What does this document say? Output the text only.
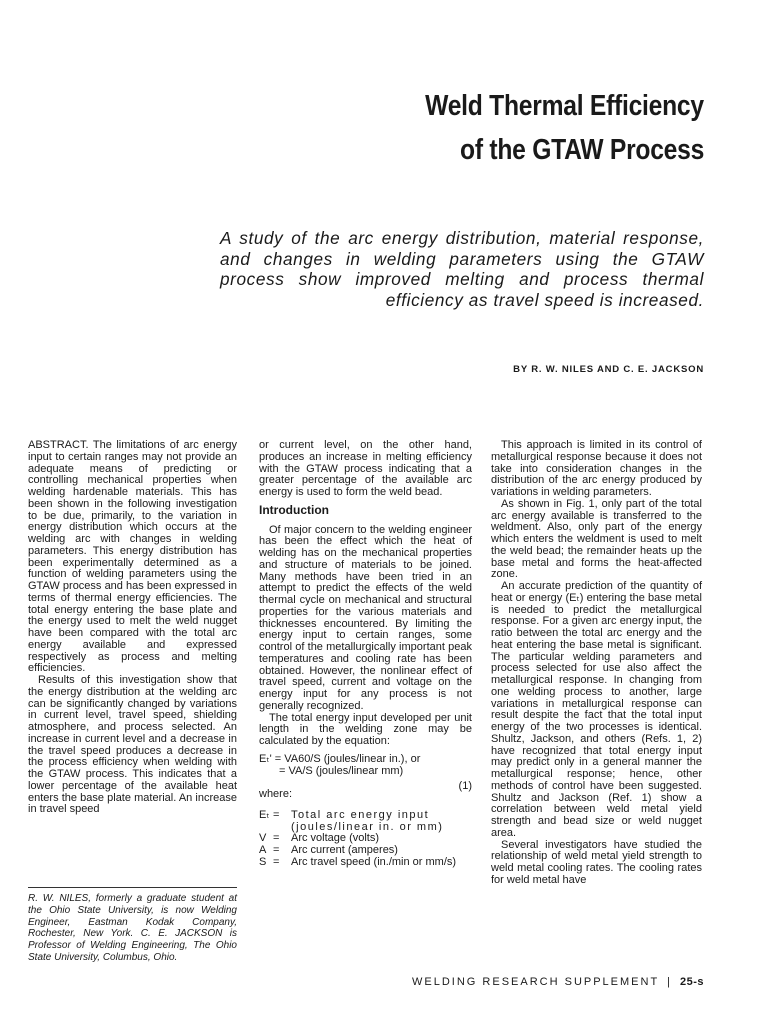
Weld Thermal Efficiency
of the GTAW Process
A study of the arc energy distribution, material response, and changes in welding parameters using the GTAW process show improved melting and process thermal efficiency as travel speed is increased.
BY R. W. NILES AND C. E. JACKSON

ABSTRACT. The limitations of arc energy input to certain ranges may not provide an adequate means of predicting or controlling mechanical properties when welding hardenable materials. This has been shown in the following investigation to be due, primarily, to the variation in energy distribution which occurs at the welding arc with changes in welding parameters. This energy distribution has been experimentally determined as a function of welding parameters using the GTAW process and has been expressed in terms of thermal energy efficiencies. The total energy entering the base plate and the energy used to melt the weld nugget have been compared with the total arc energy available and expressed respectively as process and melting efficiencies.

Results of this investigation show that the energy distribution at the welding arc can be significantly changed by variations in current level, travel speed, shielding atmosphere, and process selected. An increase in current level and a decrease in the travel speed produces a decrease in the process efficiency when welding with the GTAW process. This indicates that a lower percentage of the available heat enters the base plate material. An increase in travel speed

R. W. NILES, formerly a graduate student at the Ohio State University, is now Welding Engineer, Eastman Kodak Company, Rochester, New York. C. E. JACKSON is Professor of Welding Engineering, The Ohio State University, Columbus, Ohio.

or current level, on the other hand, produces an increase in melting efficiency with the GTAW process indicating that a greater percentage of the available arc energy is used to form the weld bead.

Introduction

Of major concern to the welding engineer has been the effect which the heat of welding has on the mechanical properties and structure of materials to be joined. Many methods have been tried in an attempt to predict the effects of the weld thermal cycle on mechanical and structural properties for the various materials and thicknesses encountered. By limiting the energy input to certain ranges, some control of the metallurgically important peak temperatures and cooling rate has been obtained. However, the nonlinear effect of travel speed, current and voltage on the energy input for any process is not generally recognized.

The total energy input developed per unit length in the welding zone may be calculated by the equation:

Eₜ' = VA60/S (joules/linear in.), or
= VA/S (joules/linear mm)
(1)
where:
Eₜ =	Total arc energy input (joules/linear in. or mm)
V =	Arc voltage (volts)
A =	Arc current (amperes)
S =	Arc travel speed (in./min or mm/s)

This approach is limited in its control of metallurgical response because it does not take into consideration changes in the distribution of the arc energy produced by variations in welding parameters.

As shown in Fig. 1, only part of the total arc energy available is transferred to the weldment. Also, only part of the energy which enters the weldment is used to melt the weld bead; the remainder heats up the base metal and forms the heat-affected zone.

An accurate prediction of the quantity of heat or energy (Eₜ) entering the base metal is needed to predict the metallurgical response. For a given arc energy input, the ratio between the total arc energy and the heat entering the base metal is significant. The particular welding parameters and process selected for use also affect the metallurgical response. In changing from one welding process to another, large variations in metallurgical response can result despite the fact that the total input energy of the two processes is identical. Shultz, Jackson, and others (Refs. 1, 2) have recognized that total energy input may predict only in a general manner the metallurgical response; hence, other methods of control have been suggested. Shultz and Jackson (Ref. 1) show a correlation between weld metal yield strength and bead size or weld nugget area.

Several investigators have studied the relationship of weld metal yield strength to weld metal cooling rates. The cooling rates for weld metal have

WELDING RESEARCH SUPPLEMENT | 25-s
